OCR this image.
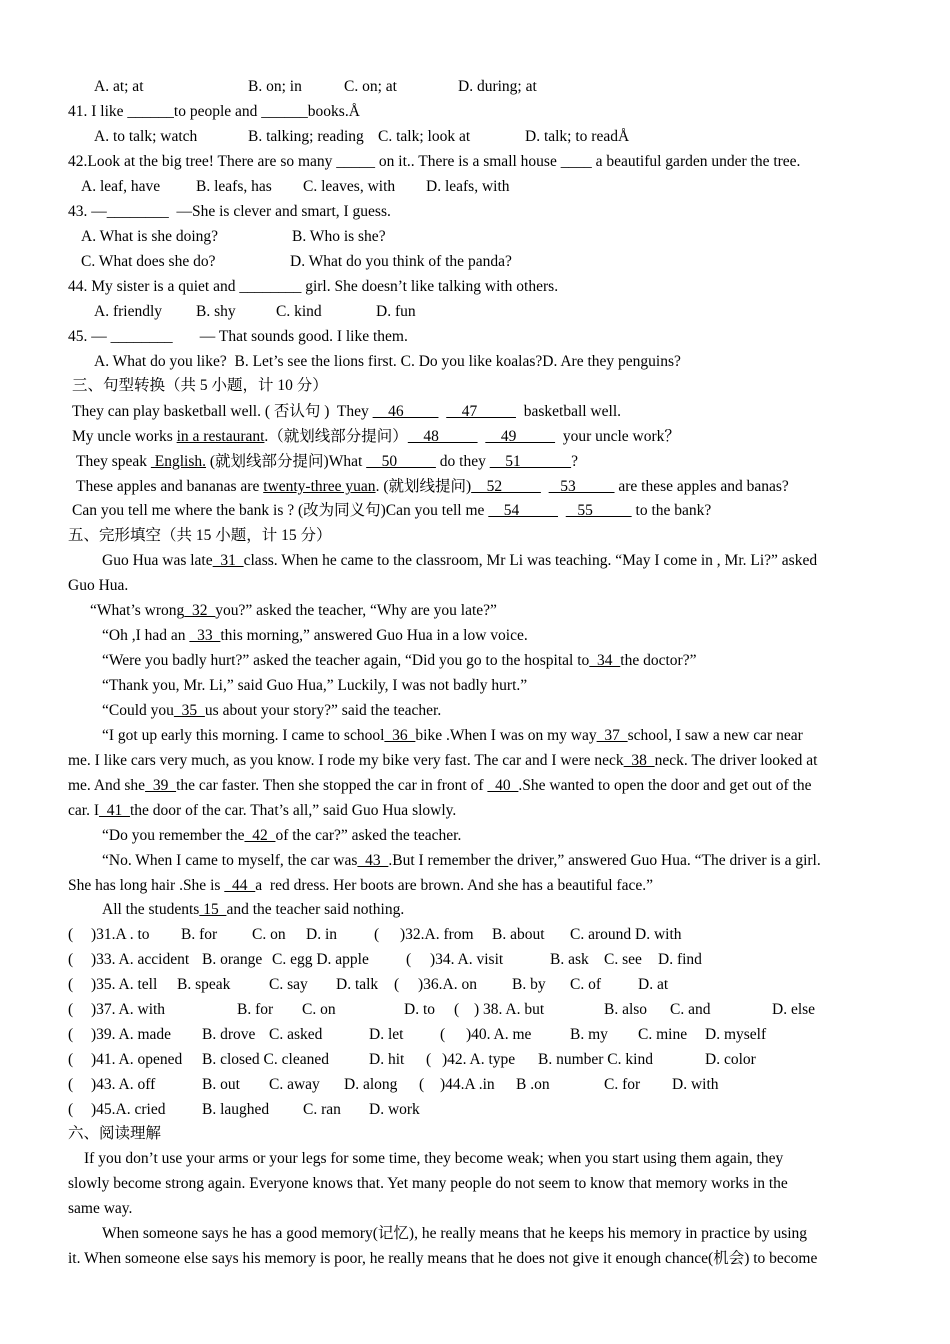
A. at; at	B. on; in	C. on; at	D. during; at
41. I like ______to people and ______books.Å
A. to talk; watch	B. talking; reading C. talk; look at	D. talk; to readÅ
42.Look at the big tree! There are so many _____ on it.. There is a small house ____ a beautiful garden under the tree.
A. leaf, have B. leafs, has C. leaves, with D. leafs, with
43. —________  —She is clever and smart, I guess.
A. What is she doing?	B. Who is she?
C. What does she do?	D. What do you think of the panda?
44. My sister is a quiet and ________ girl. She doesn’t like talking with others.
A. friendly B. shy	C. kind	D. fun
45. — ________       — That sounds good. I like them.
A. What do you like?  B. Let’s see the lions first. C. Do you like koalas?D. Are they penguins?
三、句型转换（共 5 小题，计 10 分）
They can play basketball well. ( 否认句 )  They     46               47            basketball well.
My uncle works in a restaurant.（就划线部分提问）    48                49            your uncle work？
They speak  English. (就划线部分提问)What     50           do they     51             ?
These apples and bananas are twenty-three yuan. (就划线提问)    52               53           are these apples and banas?
Can you tell me where the bank is ? (改为同义句)Can you tell me     54               55           to the bank?
五、完形填空（共 15 小题，计 15 分）
Guo Hua was late  31  class. When he came to the classroom, Mr Li was teaching. “May I come in , Mr. Li?” asked
Guo Hua.
“What’s wrong  32  you?” asked the teacher, “Why are you late?”
“Oh ,I had an   33  this morning,” answered Guo Hua in a low voice.
“Were you badly hurt?” asked the teacher again, “Did you go to the hospital to  34  the doctor?”
“Thank you, Mr. Li,” said Guo Hua,” Luckily, I was not badly hurt.”
“Could you  35  us about your story?” said the teacher.
“I got up early this morning. I came to school  36  bike .When I was on my way  37  school, I saw a new car near
me. I like cars very much, as you know. I rode my bike very fast. The car and I were neck  38  neck. The driver looked at
me. And she  39  the car faster. Then she stopped the car in front of   40  .She wanted to open the door and get out of the
car. I  41  the door of the car. That’s all,” said Guo Hua slowly.
“Do you remember the  42  of the car?” asked the teacher.
“No. When I came to myself, the car was  43  .But I remember the driver,” answered Guo Hua. “The driver is a girl.
She has long hair .She is   44  a  red dress. Her boots are brown. And she has a beautiful face.”
All the students 15  and the teacher said nothing.
( )31.A . to B. for C. on D. in ( )32.A. from B. about C. around D. with
( )33. A. accident B. orange C. egg D. apple ( )34. A. visit	B. ask C. see D. find
( )35. A. tell B. speak C. say D. talk ( )36.A. on B. by C. of D. at
( )37. A. with	B. for C. on	D. to ( ) 38. A. but	B. also C. and	D. else
( )39. A. made B. drove C. asked	D. let ( )40. A. me B. my C. mine D. myself
( )41. A. opened B. closed C. cleaned	D. hit ( )42. A. type B. number C. kind	D. color
( )43. A. off	B. out C. away D. along ( )44.A .in B .on	C. for D. with
( )45.A. cried B. laughed C. ran D. work
六、阅读理解
If you don’t use your arms or your legs for some time, they become weak; when you start using them again, they
slowly become strong again. Everyone knows that. Yet many people do not seem to know that memory works in the
same way.
When someone says he has a good memory(记忆), he really means that he keeps his memory in practice by using
it. When someone else says his memory is poor, he really means that he does not give it enough chance(机会) to become
